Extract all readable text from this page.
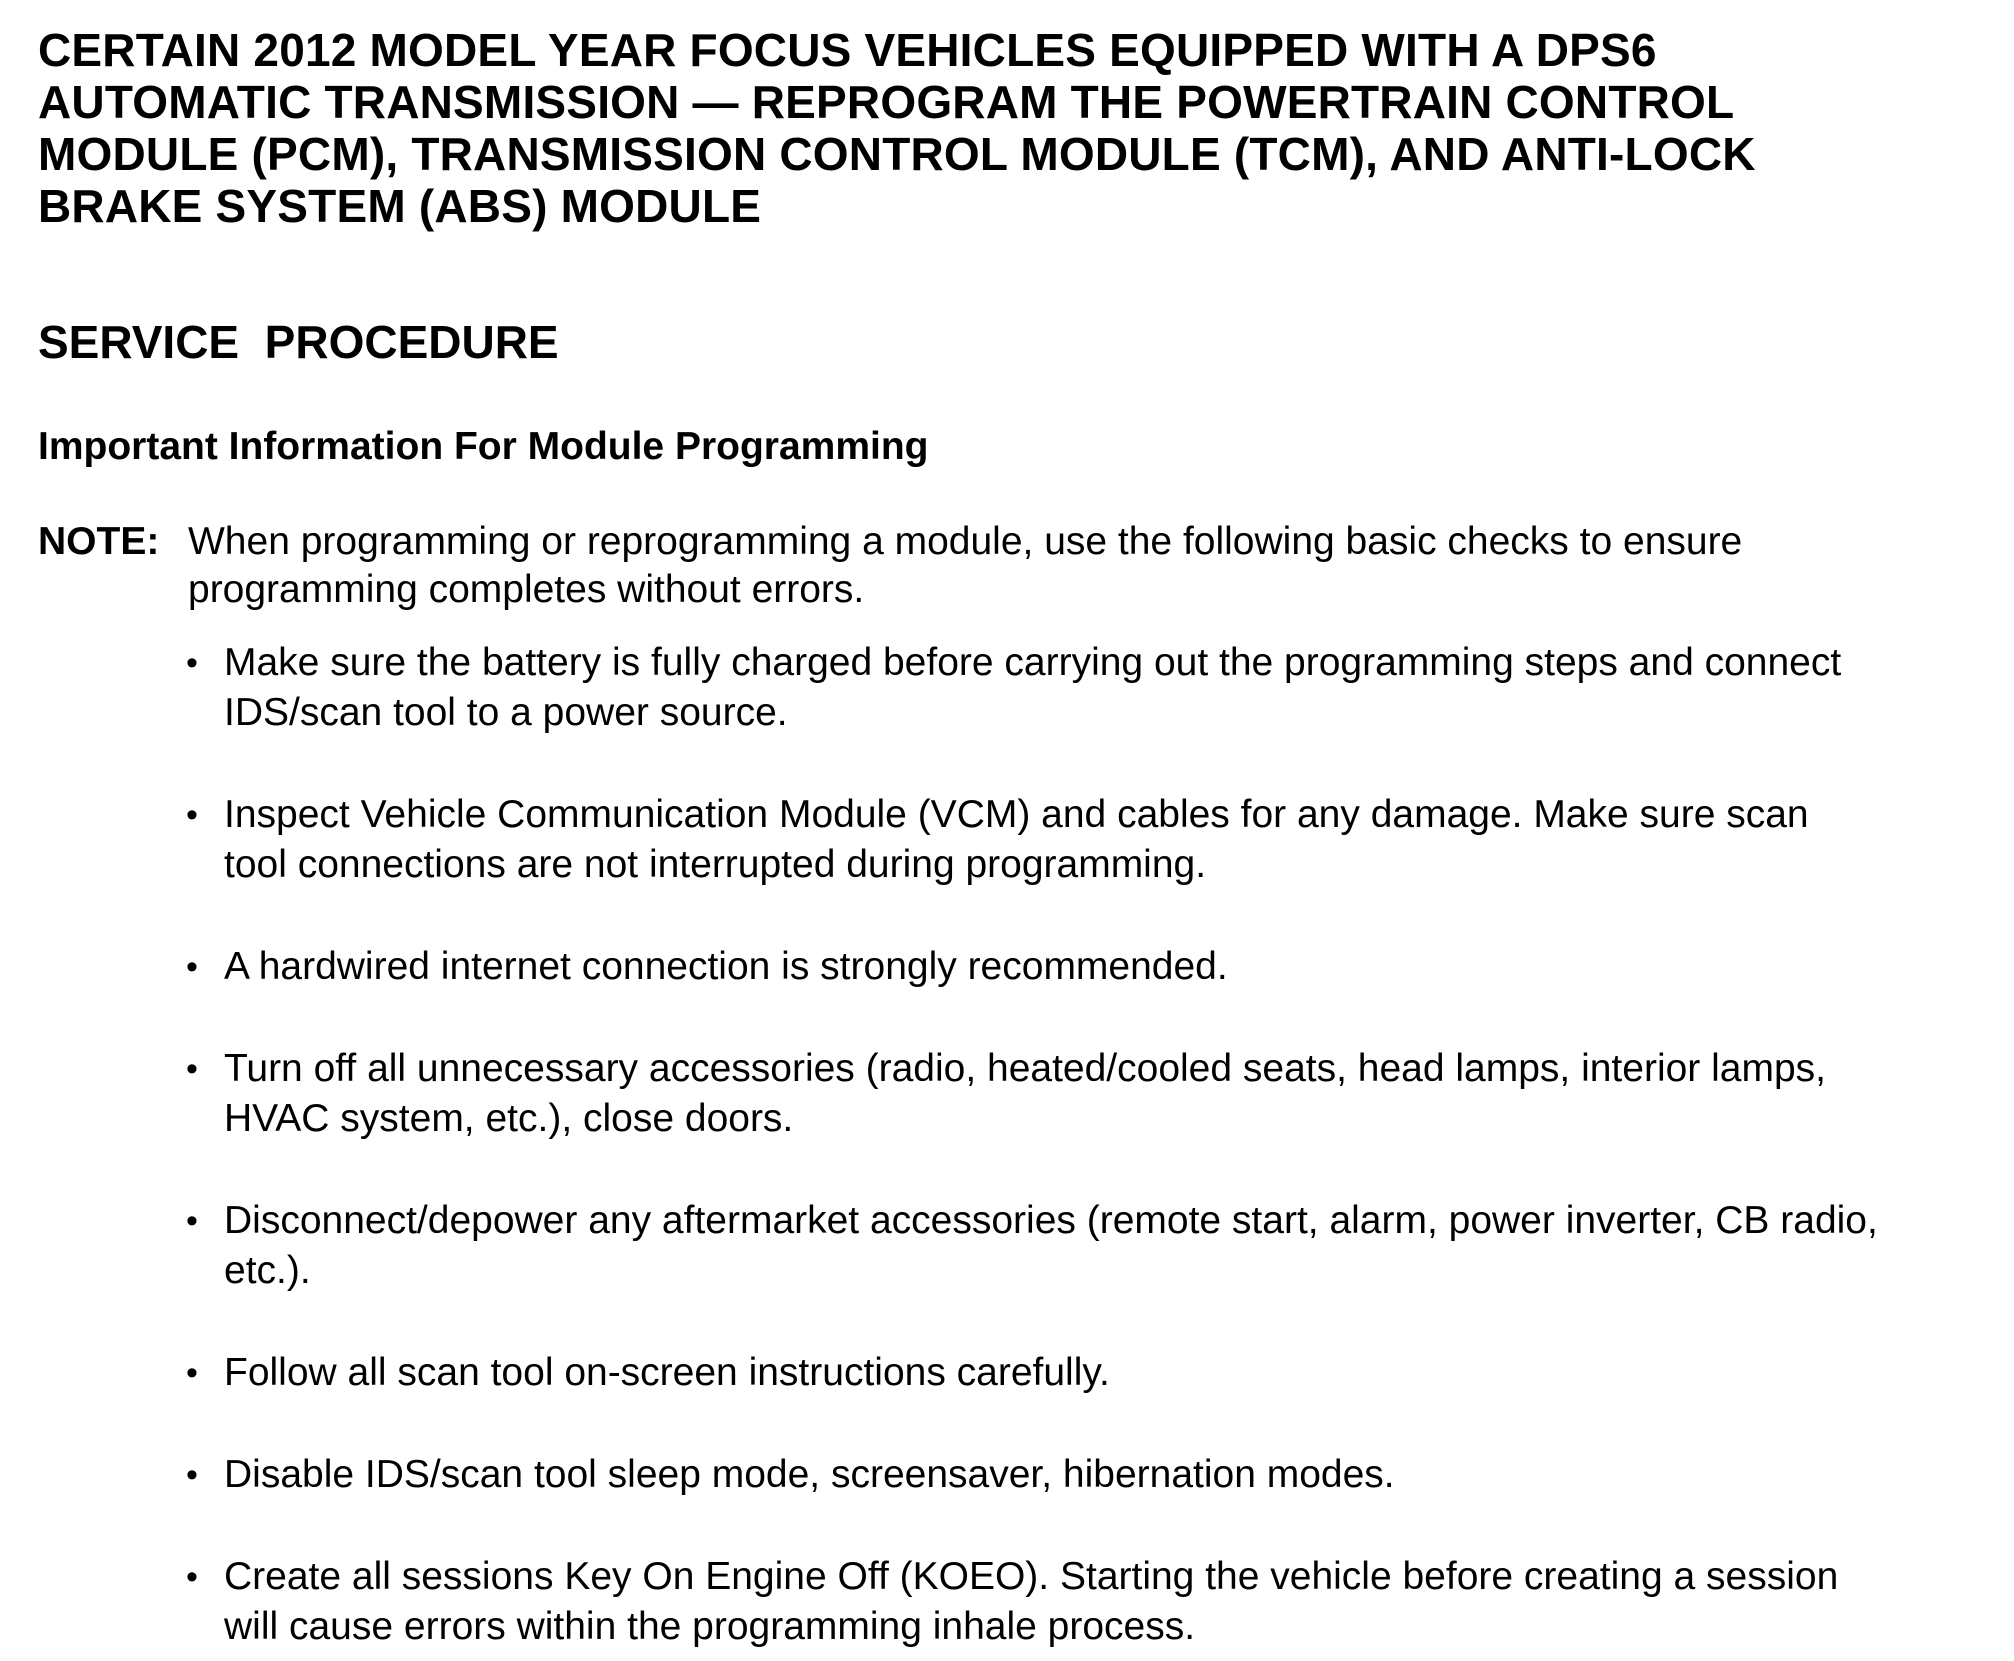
CERTAIN 2012 MODEL YEAR FOCUS VEHICLES EQUIPPED WITH A DPS6
AUTOMATIC TRANSMISSION — REPROGRAM THE POWERTRAIN CONTROL
MODULE (PCM), TRANSMISSION CONTROL MODULE (TCM), AND ANTI-LOCK
BRAKE SYSTEM (ABS) MODULE
SERVICE  PROCEDURE
Important Information For Module Programming
NOTE: When programming or reprogramming a module, use the following basic checks to ensure
programming completes without errors.
• Make sure the battery is fully charged before carrying out the programming steps and connect
IDS/scan tool to a power source.
• Inspect Vehicle Communication Module (VCM) and cables for any damage. Make sure scan
tool connections are not interrupted during programming.
• A hardwired internet connection is strongly recommended.
• Turn off all unnecessary accessories (radio, heated/cooled seats, head lamps, interior lamps,
HVAC system, etc.), close doors.
• Disconnect/depower any aftermarket accessories (remote start, alarm, power inverter, CB radio,
etc.).
• Follow all scan tool on-screen instructions carefully.
• Disable IDS/scan tool sleep mode, screensaver, hibernation modes.
• Create all sessions Key On Engine Off (KOEO). Starting the vehicle before creating a session
will cause errors within the programming inhale process.
